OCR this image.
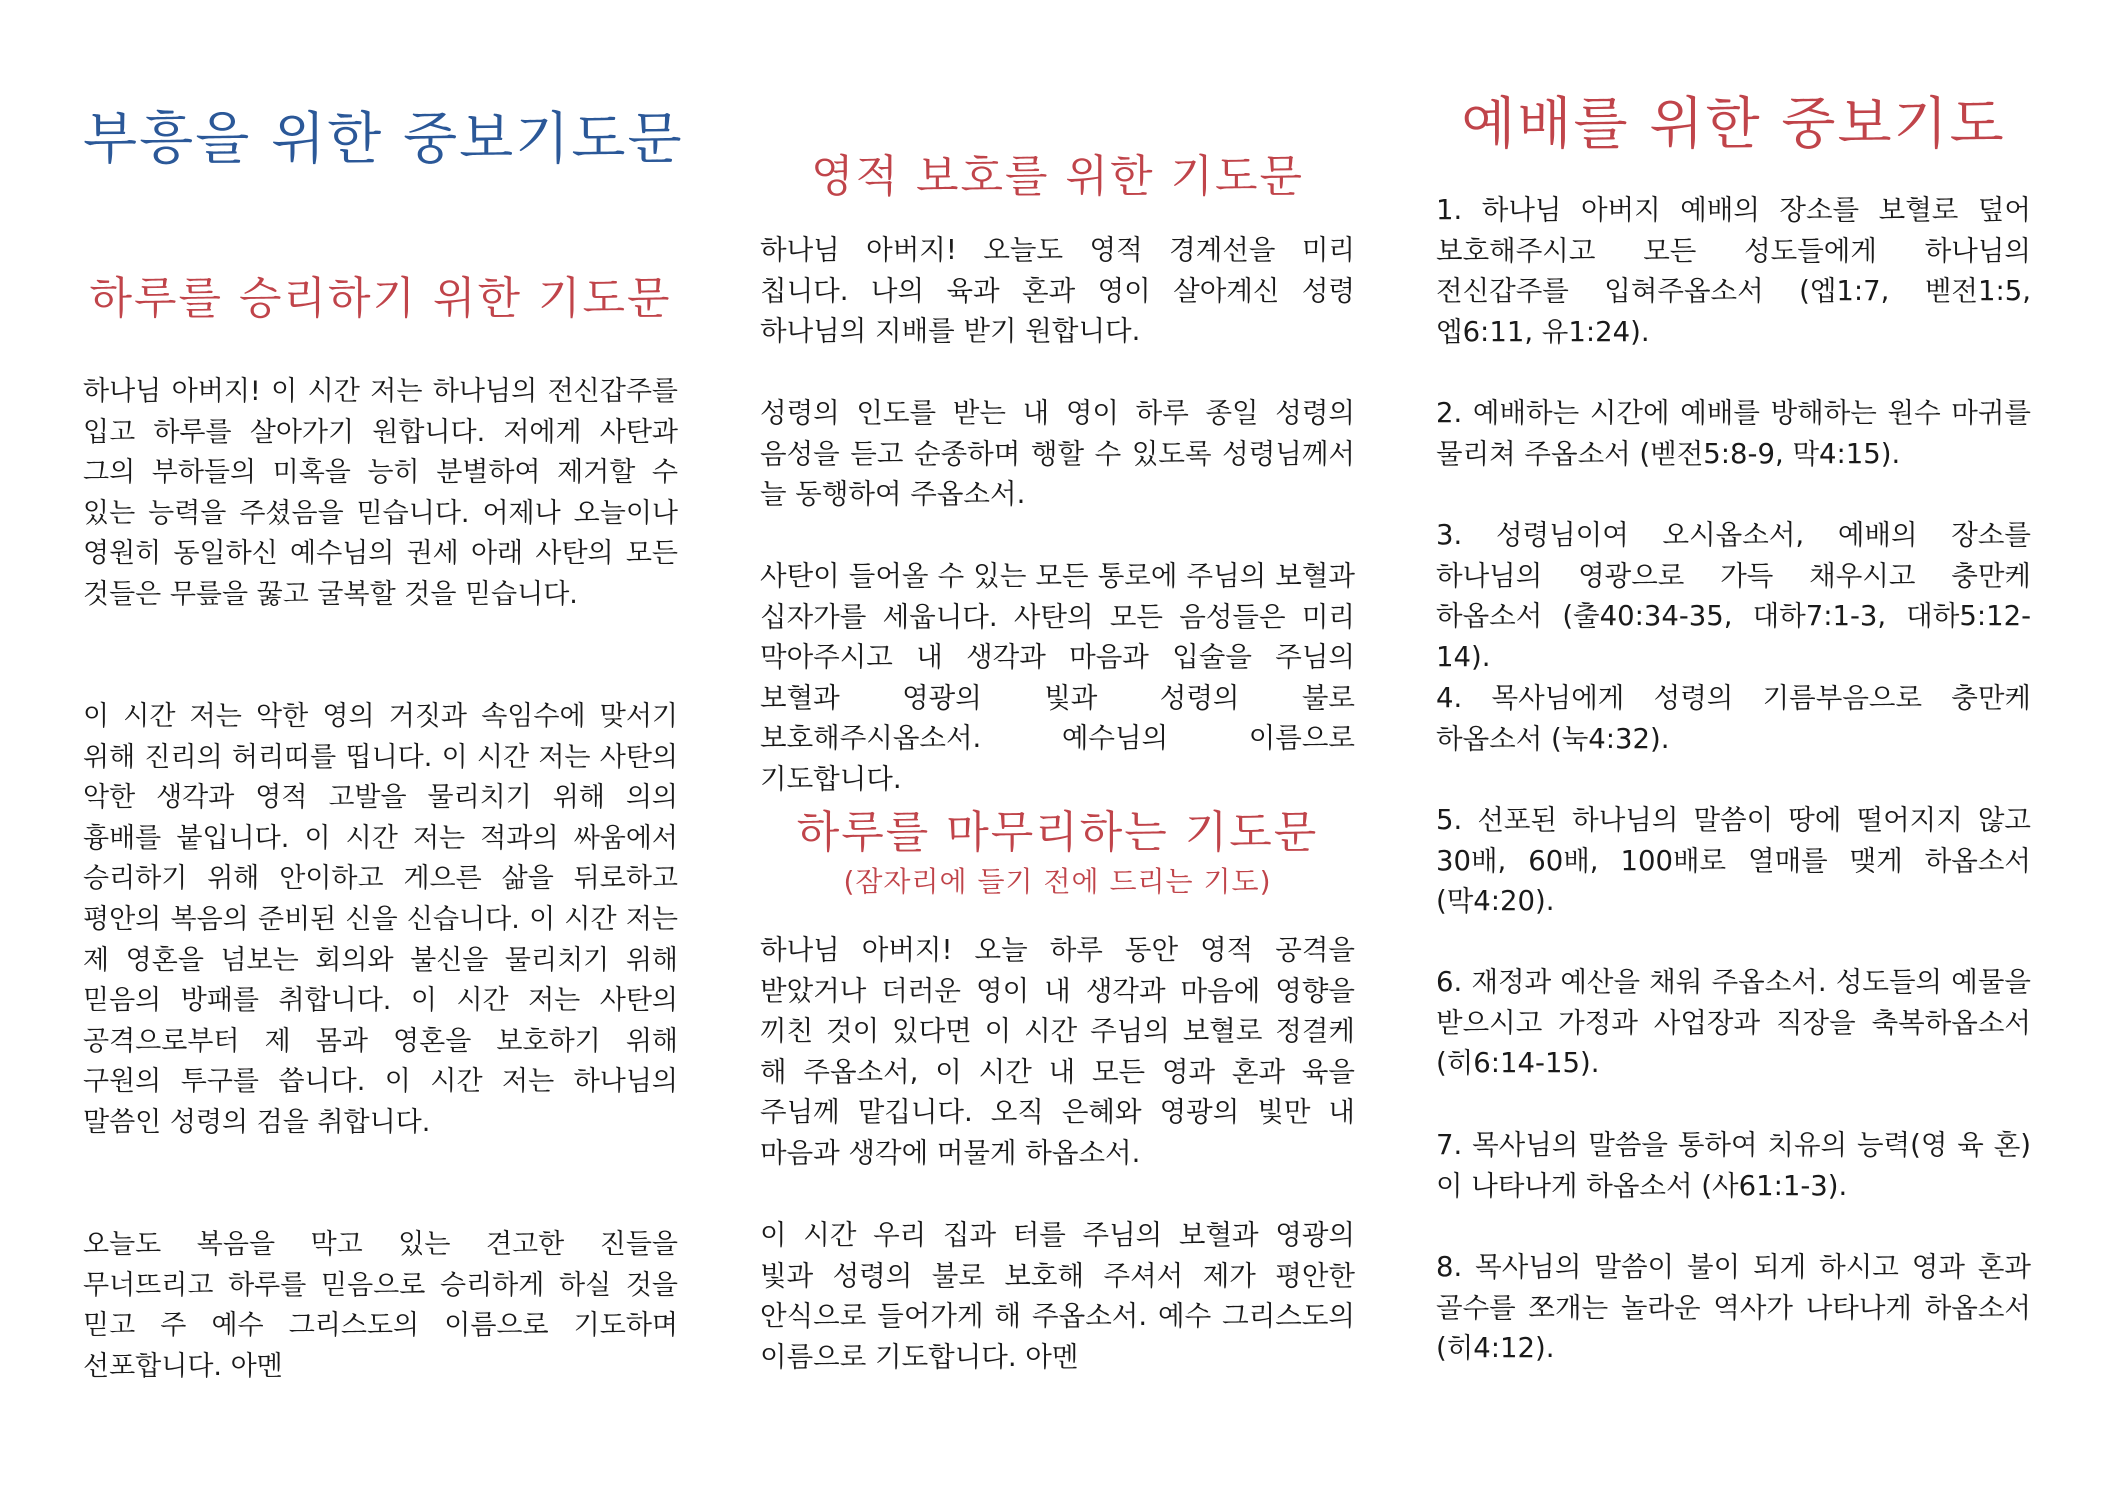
부흥을 위한 중보기도문
하루를 승리하기 위한 기도문

하나님 아버지! 이 시간 저는 하나님의 전신갑주를 입고 하루를 살아가기 원합니다. 저에게 사탄과 그의 부하들의 미혹을 능히 분별하여 제거할 수 있는 능력을 주셨음을 믿습니다. 어제나 오늘이나 영원히 동일하신 예수님의 권세 아래 사탄의 모든 것들은 무릎을 꿇고 굴복할 것을 믿습니다.

이 시간 저는 악한 영의 거짓과 속임수에 맞서기 위해 진리의 허리띠를 띱니다. 이 시간 저는 사탄의 악한 생각과 영적 고발을 물리치기 위해 의의 흉배를 붙입니다. 이 시간 저는 적과의 싸움에서 승리하기 위해 안이하고 게으른 삶을 뒤로하고 평안의 복음의 준비된 신을 신습니다. 이 시간 저는 제 영혼을 넘보는 회의와 불신을 물리치기 위해 믿음의 방패를 취합니다. 이 시간 저는 사탄의 공격으로부터 제 몸과 영혼을 보호하기 위해 구원의 투구를 씁니다. 이 시간 저는 하나님의 말씀인 성령의 검을 취합니다.

오늘도 복음을 막고 있는 견고한 진들을 무너뜨리고 하루를 믿음으로 승리하게 하실 것을 믿고 주 예수 그리스도의 이름으로 기도하며 선포합니다. 아멘

영적 보호를 위한 기도문

하나님 아버지! 오늘도 영적 경계선을 미리 칩니다. 나의 육과 혼과 영이 살아계신 성령 하나님의 지배를 받기 원합니다.

성령의 인도를 받는 내 영이 하루 종일 성령의 음성을 듣고 순종하며 행할 수 있도록 성령님께서 늘 동행하여 주옵소서.

사탄이 들어올 수 있는 모든 통로에 주님의 보혈과 십자가를 세웁니다. 사탄의 모든 음성들은 미리 막아주시고 내 생각과 마음과 입술을 주님의 보혈과 영광의 빛과 성령의 불로 보호해주시옵소서. 예수님의 이름으로 기도합니다.

하루를 마무리하는 기도문

(잠자리에 들기 전에 드리는 기도)

하나님 아버지! 오늘 하루 동안 영적 공격을 받았거나 더러운 영이 내 생각과 마음에 영향을 끼친 것이 있다면 이 시간 주님의 보혈로 정결케 해 주옵소서, 이 시간 내 모든 영과 혼과 육을 주님께 맡깁니다. 오직 은혜와 영광의 빛만 내 마음과 생각에 머물게 하옵소서.

이 시간 우리 집과 터를 주님의 보혈과 영광의 빛과 성령의 불로 보호해 주셔서 제가 평안한 안식으로 들어가게 해 주옵소서. 예수 그리스도의 이름으로 기도합니다. 아멘

예배를 위한 중보기도

1. 하나님 아버지 예배의 장소를 보혈로 덮어 보호해주시고 모든 성도들에게 하나님의 전신갑주를 입혀주옵소서 (엡1:7, 벧전1:5, 엡6:11, 유1:24).

2. 예배하는 시간에 예배를 방해하는 원수 마귀를 물리쳐 주옵소서 (벧전5:8-9, 막4:15).

3. 성령님이여 오시옵소서, 예배의 장소를 하나님의 영광으로 가득 채우시고 충만케 하옵소서 (출40:34-35, 대하7:1-3, 대하5:12-14).

4. 목사님에게 성령의 기름부음으로 충만케 하옵소서 (눅4:32).

5. 선포된 하나님의 말씀이 땅에 떨어지지 않고 30배, 60배, 100배로 열매를 맺게 하옵소서 (막4:20).

6. 재정과 예산을 채워 주옵소서. 성도들의 예물을 받으시고 가정과 사업장과 직장을 축복하옵소서 (히6:14-15).

7. 목사님의 말씀을 통하여 치유의 능력(영 육 혼)이 나타나게 하옵소서 (사61:1-3).

8. 목사님의 말씀이 불이 되게 하시고 영과 혼과 골수를 쪼개는 놀라운 역사가 나타나게 하옵소서 (히4:12).
